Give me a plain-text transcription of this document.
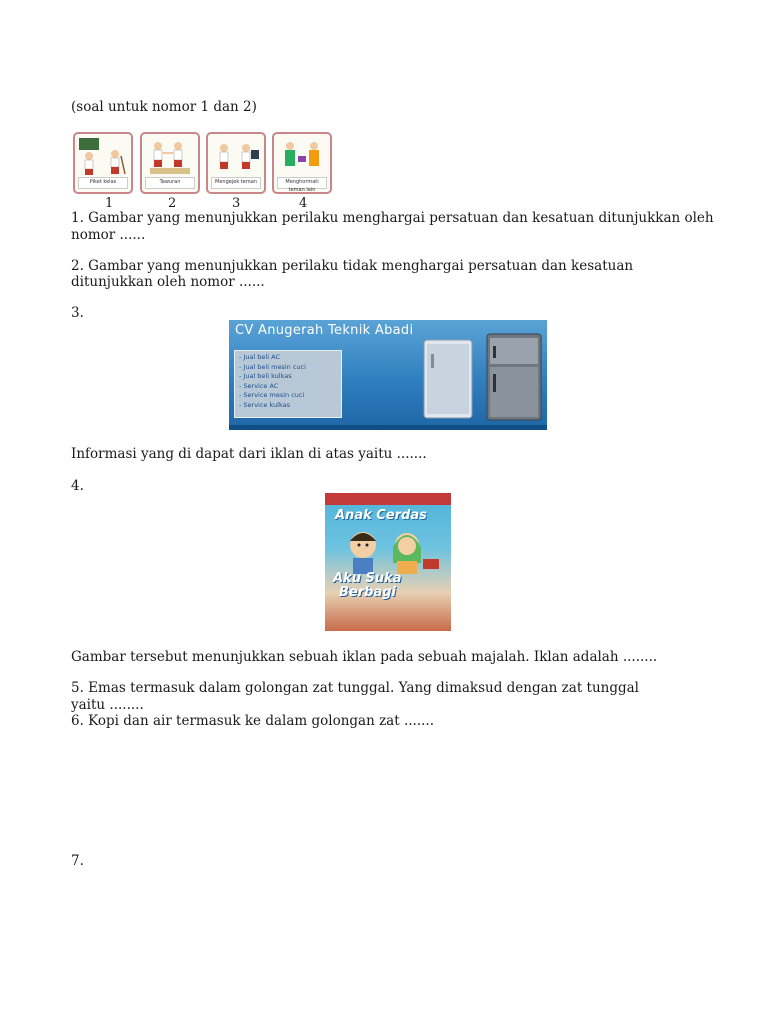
(soal untuk nomor 1 dan 2)
Piket kelas	Tawuran	Mengejek teman	Menghormati teman lain
1	2	3	4
1. Gambar yang menunjukkan perilaku menghargai persatuan dan kesatuan ditunjukkan oleh
nomor ......
2. Gambar yang menunjukkan perilaku tidak menghargai persatuan dan kesatuan
ditunjukkan oleh nomor ......
3.
CV Anugerah Teknik Abadi
- Jual beli AC
- Jual beli mesin cuci
- Jual beli kulkas
- Service AC
- Service mesin cuci
- Service kulkas
Informasi yang di dapat dari iklan di atas yaitu .......
4.
Anak Cerdas
Aku Suka
Berbagi
Gambar tersebut menunjukkan sebuah iklan pada sebuah majalah. Iklan adalah ........
5. Emas termasuk dalam golongan zat tunggal. Yang dimaksud dengan zat tunggal
yaitu ........
6. Kopi dan air termasuk ke dalam golongan zat .......
7.
